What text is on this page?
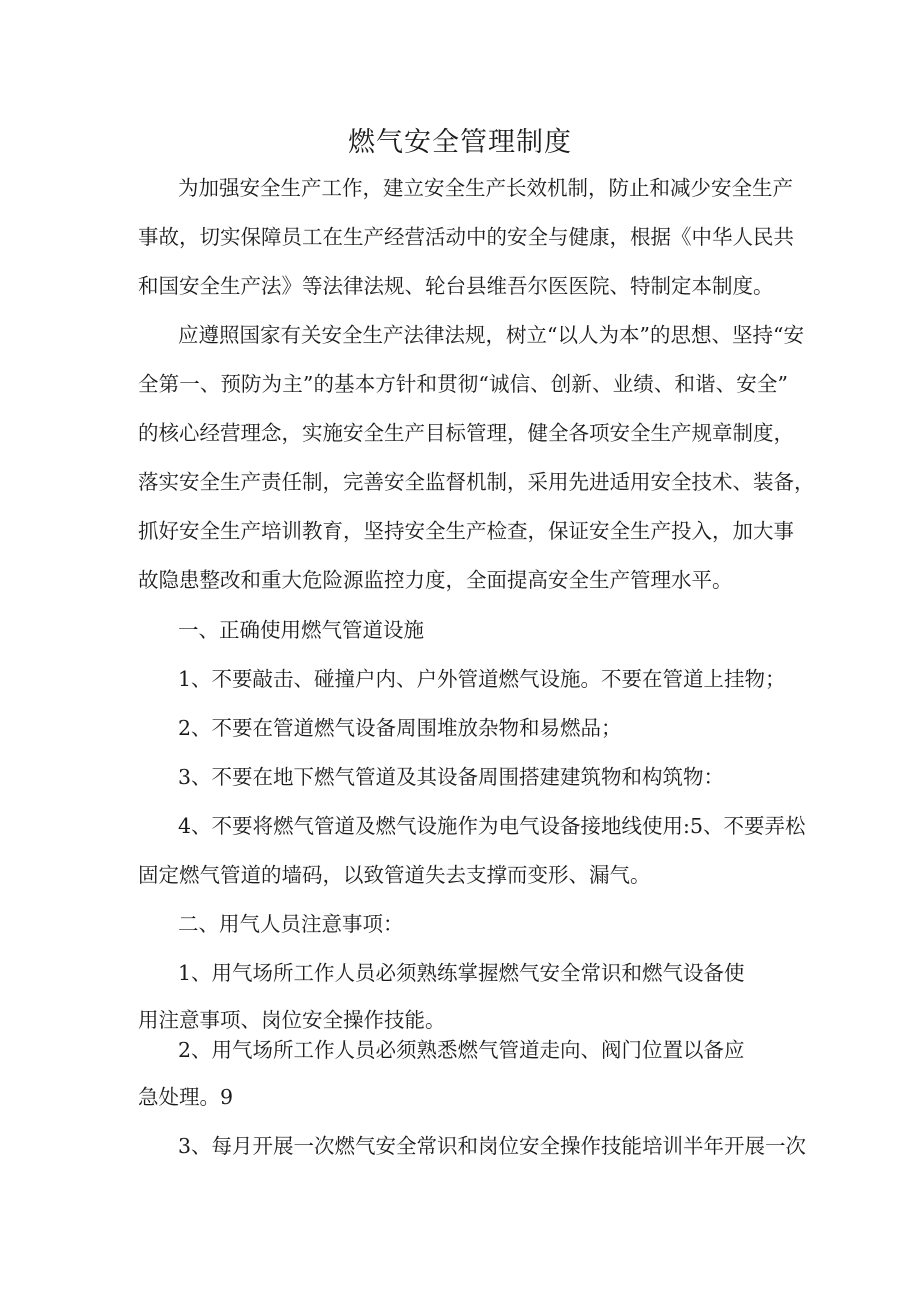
燃气安全管理制度
为加强安全生产工作，建立安全生产长效机制，防止和减少安全生产
事故，切实保障员工在生产经营活动中的安全与健康，根据《中华人民共
和国安全生产法》等法律法规、轮台县维吾尔医医院、特制定本制度。
应遵照国家有关安全生产法律法规，树立“以人为本”的思想、坚持“安
全第一、预防为主”的基本方针和贯彻“诚信、创新、业绩、和谐、安全”
的核心经营理念，实施安全生产目标管理，健全各项安全生产规章制度，
落实安全生产责任制，完善安全监督机制，采用先进适用安全技术、装备，
抓好安全生产培训教育，坚持安全生产检查，保证安全生产投入，加大事
故隐患整改和重大危险源监控力度，全面提高安全生产管理水平。
一、正确使用燃气管道设施
1、不要敲击、碰撞户内、户外管道燃气设施。不要在管道上挂物；
2、不要在管道燃气设备周围堆放杂物和易燃品；
3、不要在地下燃气管道及其设备周围搭建建筑物和构筑物：
4、不要将燃气管道及燃气设施作为电气设备接地线使用:5、不要弄松
固定燃气管道的墙码，以致管道失去支撑而变形、漏气。
二、用气人员注意事项：
1、用气场所工作人员必须熟练掌握燃气安全常识和燃气设备使
用注意事项、岗位安全操作技能。
2、用气场所工作人员必须熟悉燃气管道走向、阀门位置以备应
急处理。9
3、每月开展一次燃气安全常识和岗位安全操作技能培训半年开展一次
